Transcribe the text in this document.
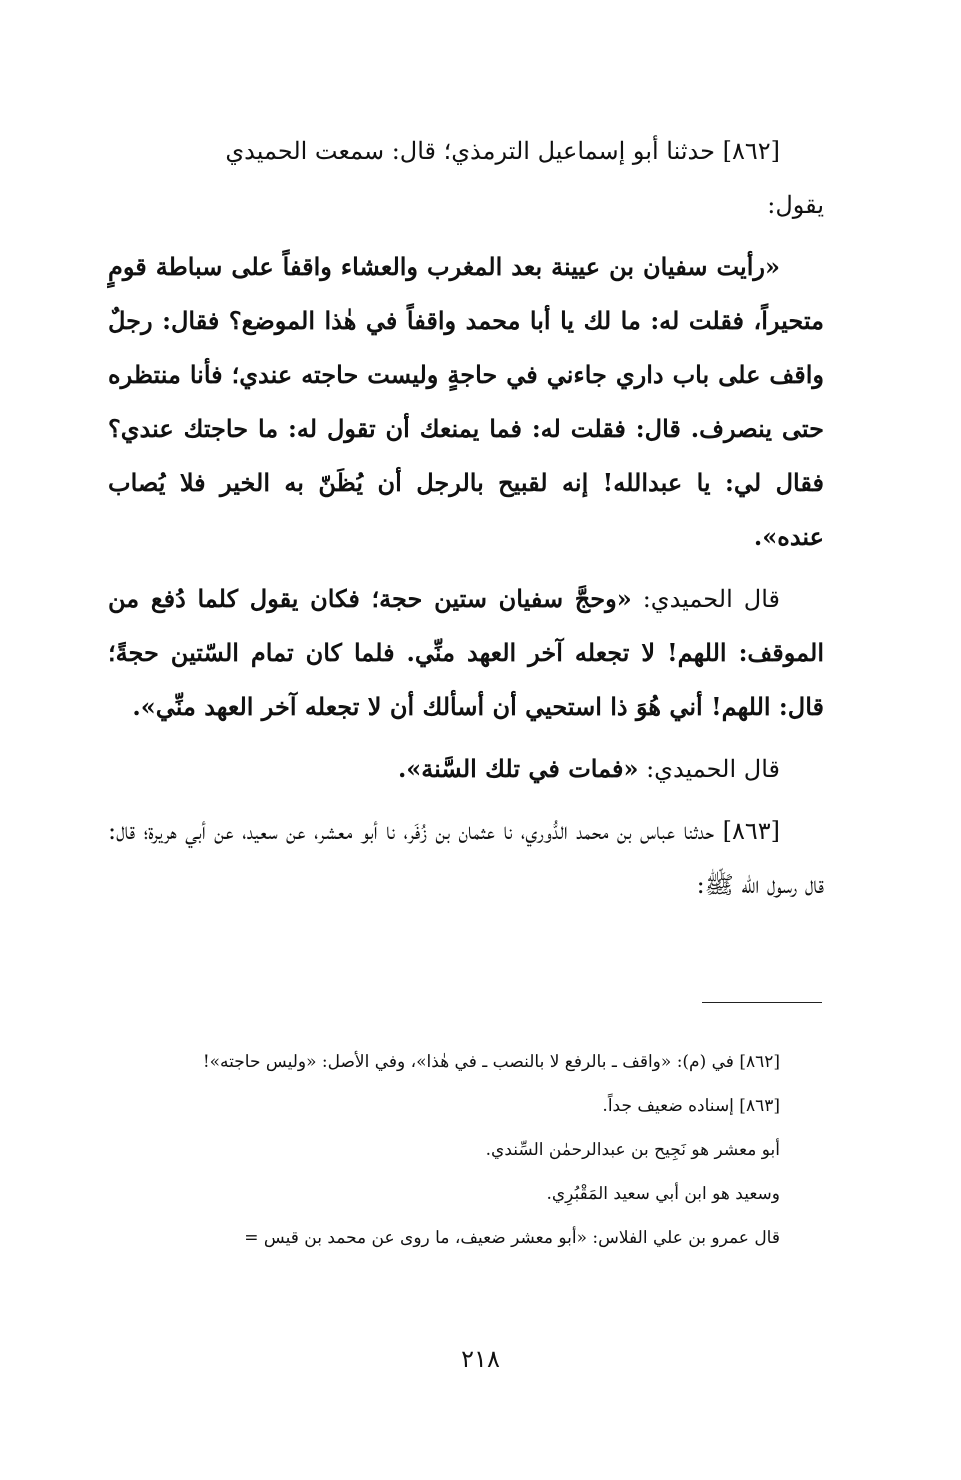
[٨٦٢] حدثنا أبو إسماعيل الترمذي؛ قال: سمعت الحميدي
يقول:

«رأيت سفيان بن عيينة بعد المغرب والعشاء واقفاً على سباطة قومٍ متحيراً، فقلت له: ما لك يا أبا محمد واقفاً في هٰذا الموضع؟ فقال: رجلٌ واقف على باب داري جاءني في حاجةٍ وليست حاجته عندي؛ فأنا منتظره حتى ينصرف. قال: فقلت له: فما يمنعك أن تقول له: ما حاجتك عندي؟ فقال لي: يا عبدالله! إنه لقبيح بالرجل أن يُظَنّ به الخير فلا يُصاب عنده».

قال الحميدي: «وحجَّ سفيان ستين حجة؛ فكان يقول كلما دُفع من الموقف: اللهم! لا تجعله آخر العهد منِّي. فلما كان تمام السّتين حجةً؛ قال: اللهم! أني هُوَ ذا استحيي أن أسألك أن لا تجعله آخر العهد منِّي».

قال الحميدي: «فمات في تلك السَّنة».

[٨٦٣] حدثنا عباس بن محمد الدُّوري، نا عثمان بن زُفَر، نا أبو معشر، عن سعيد، عن أبي هريرة؛ قال: قال رسول الله ﷺ:

[٨٦٢] في (م): «واقف ـ بالرفع لا بالنصب ـ في هٰذا»، وفي الأصل: «وليس حاجته»!

[٨٦٣] إسناده ضعيف جداً.

أبو معشر هو نَجِيح بن عبدالرحمٰن السِّندي.

وسعيد هو ابن أبي سعيد المَقْبُرِي.

قال عمرو بن علي الفلاس: «أبو معشر ضعيف، ما روى عن محمد بن قيس =

٢١٨
